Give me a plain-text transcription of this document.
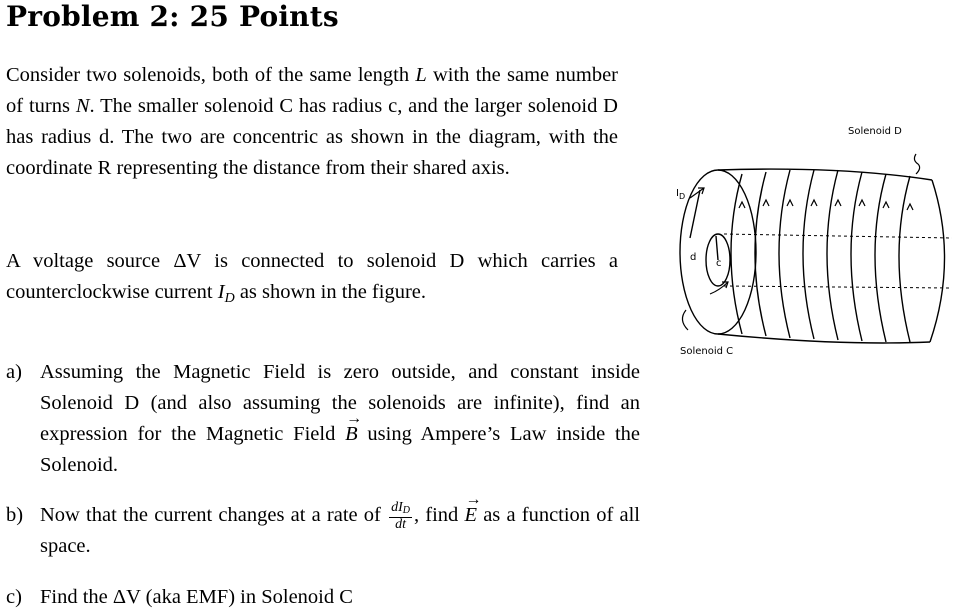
Problem 2: 25 Points
Consider two solenoids, both of the same length L with the same number of turns N. The smaller solenoid C has radius c, and the larger solenoid D has radius d. The two are concentric as shown in the diagram, with the coordinate R representing the distance from their shared axis.
A voltage source ΔV is connected to solenoid D which carries a counterclockwise current $I_D$ as shown in the figure.
a) Assuming the Magnetic Field is zero outside, and constant inside Solenoid D (and also assuming the solenoids are infinite), find an expression for the Magnetic Field → B using Ampere’s Law inside the Solenoid.
b) Now that the current changes at a rate of $\frac{\text{dID}}{dt}$ , find → E as a function of all space.
c) Find the ΔV (aka EMF) in Solenoid C
Solenoid D
Solenoid C
$I_D$
d
c
